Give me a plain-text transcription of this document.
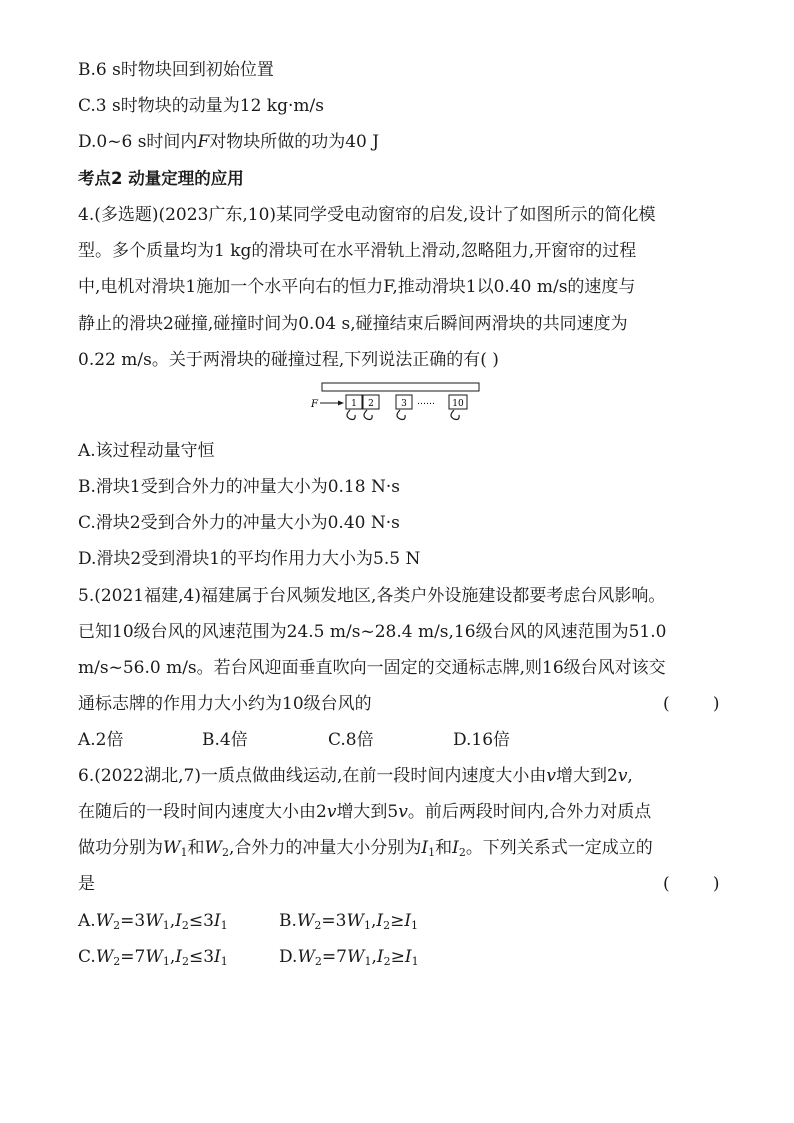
B.6 s时物块回到初始位置
C.3 s时物块的动量为12 kg·m/s
D.0~6 s时间内F对物块所做的功为40 J
考点2 动量定理的应用
4.(多选题)(2023广东,10)某同学受电动窗帘的启发,设计了如图所示的简化模
型。多个质量均为1 kg的滑块可在水平滑轨上滑动,忽略阻力,开窗帘的过程
中,电机对滑块1施加一个水平向右的恒力F,推动滑块1以0.40 m/s的速度与
静止的滑块2碰撞,碰撞时间为0.04 s,碰撞结束后瞬间两滑块的共同速度为
0.22 m/s。关于两滑块的碰撞过程,下列说法正确的有( )
F	1 2	3 …… 10
A.该过程动量守恒
B.滑块1受到合外力的冲量大小为0.18 N·s
C.滑块2受到合外力的冲量大小为0.40 N·s
D.滑块2受到滑块1的平均作用力大小为5.5 N
5.(2021福建,4)福建属于台风频发地区,各类户外设施建设都要考虑台风影响。
已知10级台风的风速范围为24.5 m/s~28.4 m/s,16级台风的风速范围为51.0
m/s~56.0 m/s。若台风迎面垂直吹向一固定的交通标志牌,则16级台风对该交
通标志牌的作用力大小约为10级台风的	(        )
A.2倍	B.4倍	C.8倍	D.16倍
6.(2022湖北,7)一质点做曲线运动,在前一段时间内速度大小由v增大到2v,
在随后的一段时间内速度大小由2v增大到5v。前后两段时间内,合外力对质点
做功分别为$W_1$和$W_2$,合外力的冲量大小分别为$I_1$和$I_2$。下列关系式一定成立的
是	(        )
$A.W_2=3W_1,I_2\le 3I_1$	$B.W_2=3W_1,I_2\ge I_1$
$C.W_2=7W_1,I_2\le 3I_1$	$D.W_2=7W_1,I_2\ge I_1$
